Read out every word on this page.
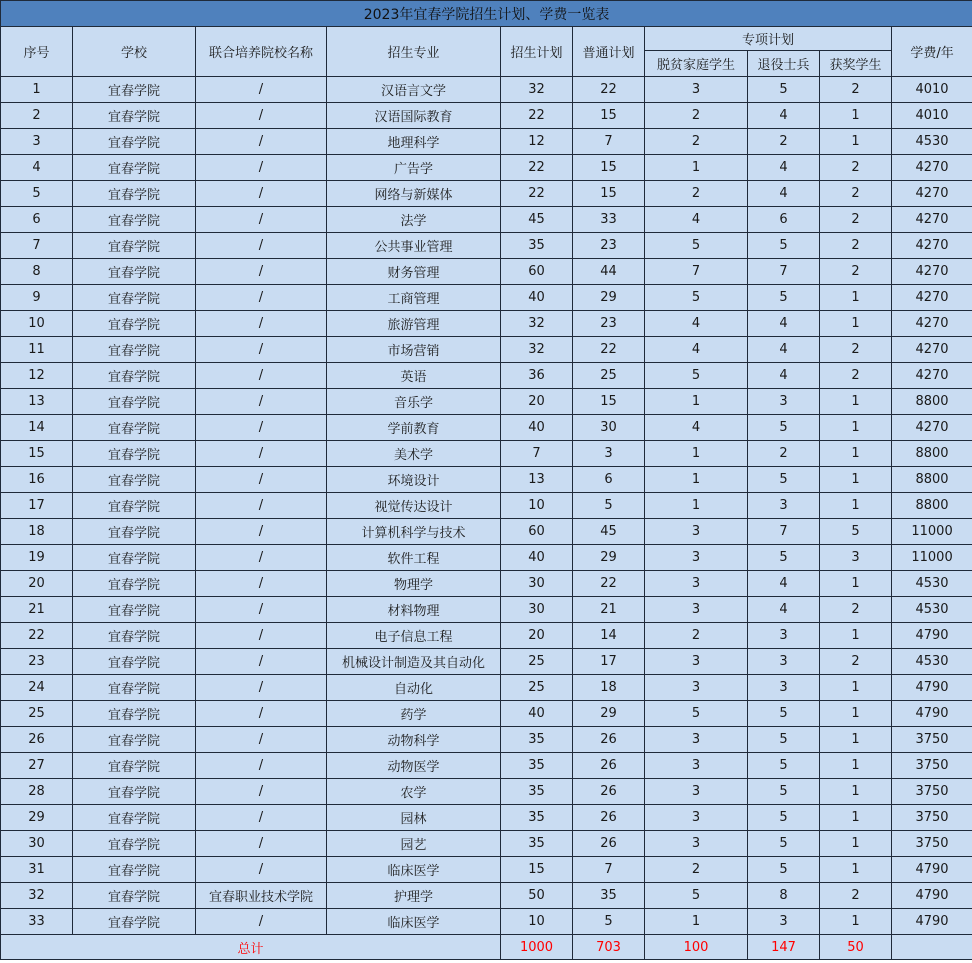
2023年宜春学院招生计划、学费一览表									
序号	学校	联合培养院校名称	招生专业	招生计划	普通计划	专项计划			学费/年
						脱贫家庭学生	退役士兵	获奖学生	
1	宜春学院	/	汉语言文学	32	22	3	5	2	4010
2	宜春学院	/	汉语国际教育	22	15	2	4	1	4010
3	宜春学院	/	地理科学	12	7	2	2	1	4530
4	宜春学院	/	广告学	22	15	1	4	2	4270
5	宜春学院	/	网络与新媒体	22	15	2	4	2	4270
6	宜春学院	/	法学	45	33	4	6	2	4270
7	宜春学院	/	公共事业管理	35	23	5	5	2	4270
8	宜春学院	/	财务管理	60	44	7	7	2	4270
9	宜春学院	/	工商管理	40	29	5	5	1	4270
10	宜春学院	/	旅游管理	32	23	4	4	1	4270
11	宜春学院	/	市场营销	32	22	4	4	2	4270
12	宜春学院	/	英语	36	25	5	4	2	4270
13	宜春学院	/	音乐学	20	15	1	3	1	8800
14	宜春学院	/	学前教育	40	30	4	5	1	4270
15	宜春学院	/	美术学	7	3	1	2	1	8800
16	宜春学院	/	环境设计	13	6	1	5	1	8800
17	宜春学院	/	视觉传达设计	10	5	1	3	1	8800
18	宜春学院	/	计算机科学与技术	60	45	3	7	5	11000
19	宜春学院	/	软件工程	40	29	3	5	3	11000
20	宜春学院	/	物理学	30	22	3	4	1	4530
21	宜春学院	/	材料物理	30	21	3	4	2	4530
22	宜春学院	/	电子信息工程	20	14	2	3	1	4790
23	宜春学院	/	机械设计制造及其自动化	25	17	3	3	2	4530
24	宜春学院	/	自动化	25	18	3	3	1	4790
25	宜春学院	/	药学	40	29	5	5	1	4790
26	宜春学院	/	动物科学	35	26	3	5	1	3750
27	宜春学院	/	动物医学	35	26	3	5	1	3750
28	宜春学院	/	农学	35	26	3	5	1	3750
29	宜春学院	/	园林	35	26	3	5	1	3750
30	宜春学院	/	园艺	35	26	3	5	1	3750
31	宜春学院	/	临床医学	15	7	2	5	1	4790
32	宜春学院	宜春职业技术学院	护理学	50	35	5	8	2	4790
33	宜春学院	/	临床医学	10	5	1	3	1	4790
总计				1000	703	100	147	50	
